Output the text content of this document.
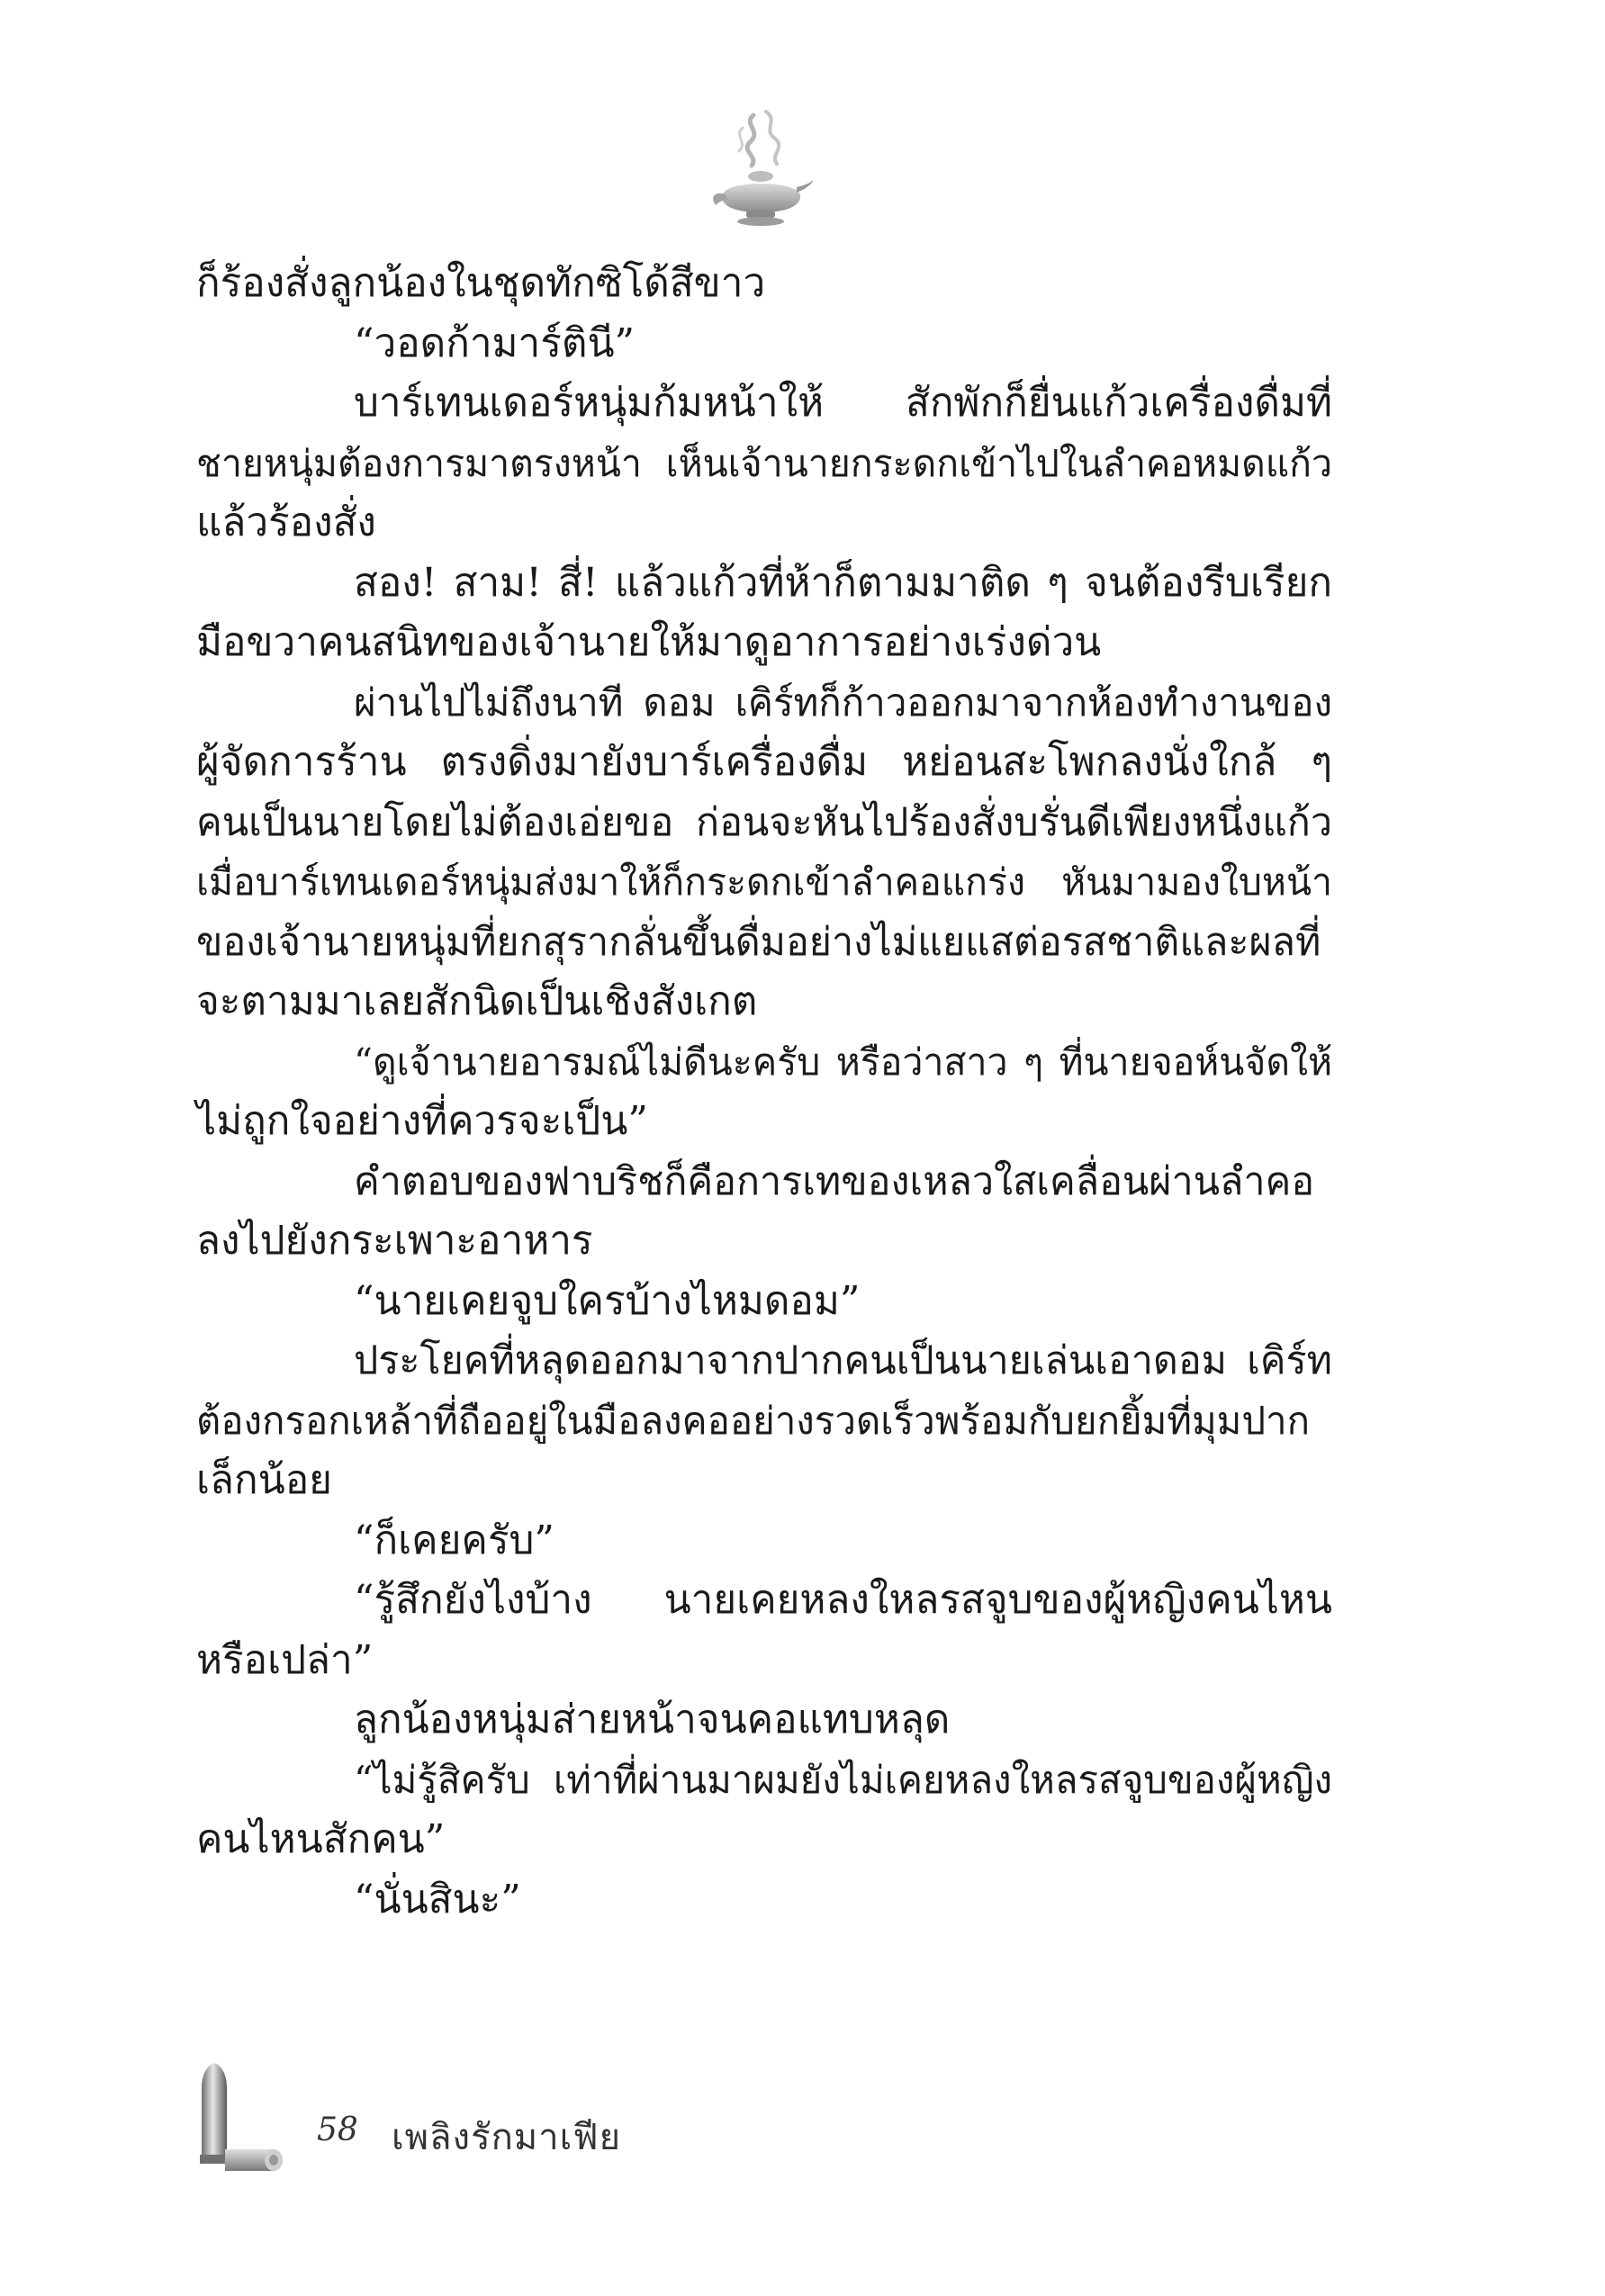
ก็ร้องสั่งลูกน้องในชุดทักซิโด้สีขาว
“วอดก้ามาร์ตินี”
บาร์เทนเดอร์หนุ่มก้มหน้าให้ สักพักก็ยื่นแก้วเครื่องดื่มที่
ชายหนุ่มต้องการมาตรงหน้า เห็นเจ้านายกระดกเข้าไปในลำคอหมดแก้ว
แล้วร้องสั่ง
สอง! สาม! สี่! แล้วแก้วที่ห้าก็ตามมาติด ๆ จนต้องรีบเรียก
มือขวาคนสนิทของเจ้านายให้มาดูอาการอย่างเร่งด่วน
ผ่านไปไม่ถึงนาที ดอม เคิร์ทก็ก้าวออกมาจากห้องทำงานของ
ผู้จัดการร้าน ตรงดิ่งมายังบาร์เครื่องดื่ม หย่อนสะโพกลงนั่งใกล้ ๆ
คนเป็นนายโดยไม่ต้องเอ่ยขอ ก่อนจะหันไปร้องสั่งบรั่นดีเพียงหนึ่งแก้ว
เมื่อบาร์เทนเดอร์หนุ่มส่งมาให้ก็กระดกเข้าลำคอแกร่ง หันมามองใบหน้า
ของเจ้านายหนุ่มที่ยกสุรากลั่นขึ้นดื่มอย่างไม่แยแสต่อรสชาติและผลที่
จะตามมาเลยสักนิดเป็นเชิงสังเกต
“ดูเจ้านายอารมณ์ไม่ดีนะครับ หรือว่าสาว ๆ ที่นายจอห์นจัดให้
ไม่ถูกใจอย่างที่ควรจะเป็น”
คำตอบของฟาบริชก็คือการเทของเหลวใสเคลื่อนผ่านลำคอ
ลงไปยังกระเพาะอาหาร
“นายเคยจูบใครบ้างไหมดอม”
ประโยคที่หลุดออกมาจากปากคนเป็นนายเล่นเอาดอม เคิร์ท
ต้องกรอกเหล้าที่ถืออยู่ในมือลงคออย่างรวดเร็วพร้อมกับยกยิ้มที่มุมปาก
เล็กน้อย
“ก็เคยครับ”
“รู้สึกยังไงบ้าง นายเคยหลงใหลรสจูบของผู้หญิงคนไหน
หรือเปล่า”
ลูกน้องหนุ่มส่ายหน้าจนคอแทบหลุด
“ไม่รู้สิครับ เท่าที่ผ่านมาผมยังไม่เคยหลงใหลรสจูบของผู้หญิง
คนไหนสักคน”
“นั่นสินะ”
58 เพลิงรักมาเฟีย
